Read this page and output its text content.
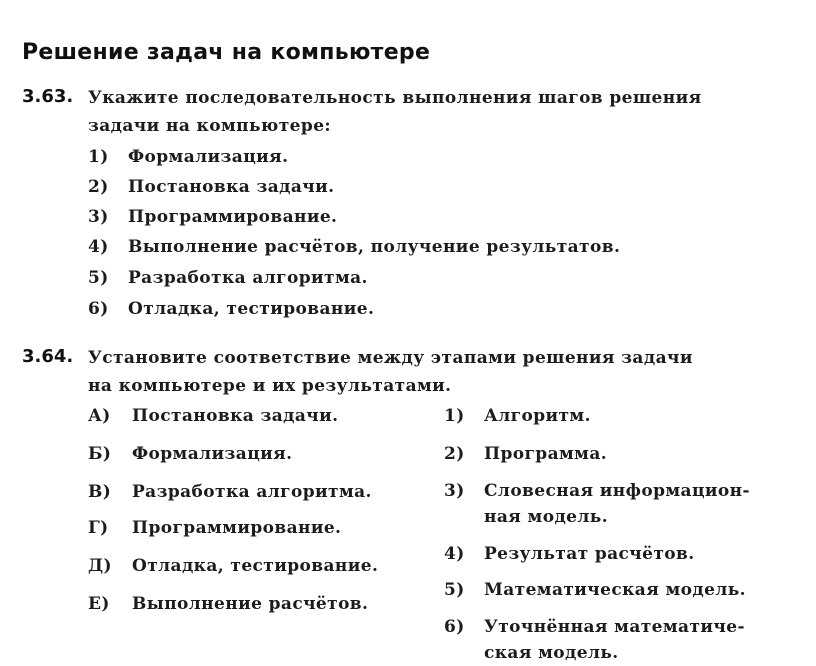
Решение задач на компьютере
3.63. Укажите последовательность выполнения шагов решения
задачи на компьютере:
1) Формализация.
2) Постановка задачи.
3) Программирование.
4) Выполнение расчётов, получение результатов.
5) Разработка алгоритма.
6) Отладка, тестирование.
3.64. Установите соответствие между этапами решения задачи
на компьютере и их результатами.
А) Постановка задачи.
Б) Формализация.
В) Разработка алгоритма.
Г) Программирование.
Д) Отладка, тестирование.
Е) Выполнение расчётов.
1) Алгоритм.
2) Программа.
3) Словесная информацион-
ная модель.
4) Результат расчётов.
5) Математическая модель.
6) Уточнённая математиче-
ская модель.
